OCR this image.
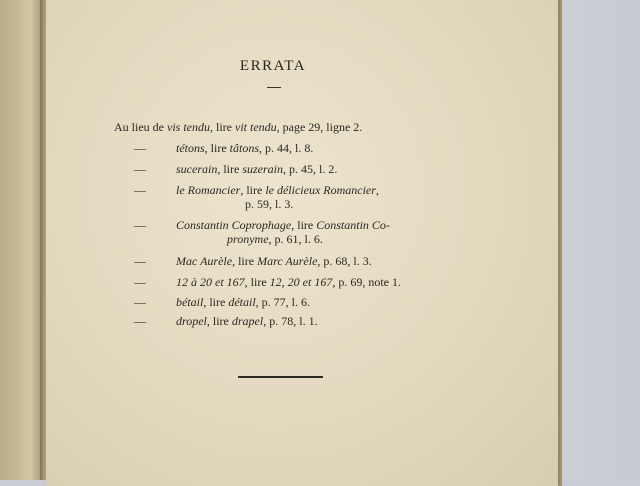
ERRATA
Au lieu de vis tendu, lire vit tendu, page 29, ligne 2.
—	tétons, lire tâtons, p. 44, l. 8.
—	sucerain, lire suzerain, p. 45, l. 2.
—	le Romancier, lire le délicieux Romancier,
p. 59, l. 3.
—	Constantin Coprophage, lire Constantin Co-
pronyme, p. 61, l. 6.
—	Mac Aurèle, lire Marc Aurèle, p. 68, l. 3.
—	12 à 20 et 167, lire 12, 20 et 167, p. 69, note 1.
—	bétail, lire détail, p. 77, l. 6.
—	dropel, lire drapel, p. 78, l. 1.
